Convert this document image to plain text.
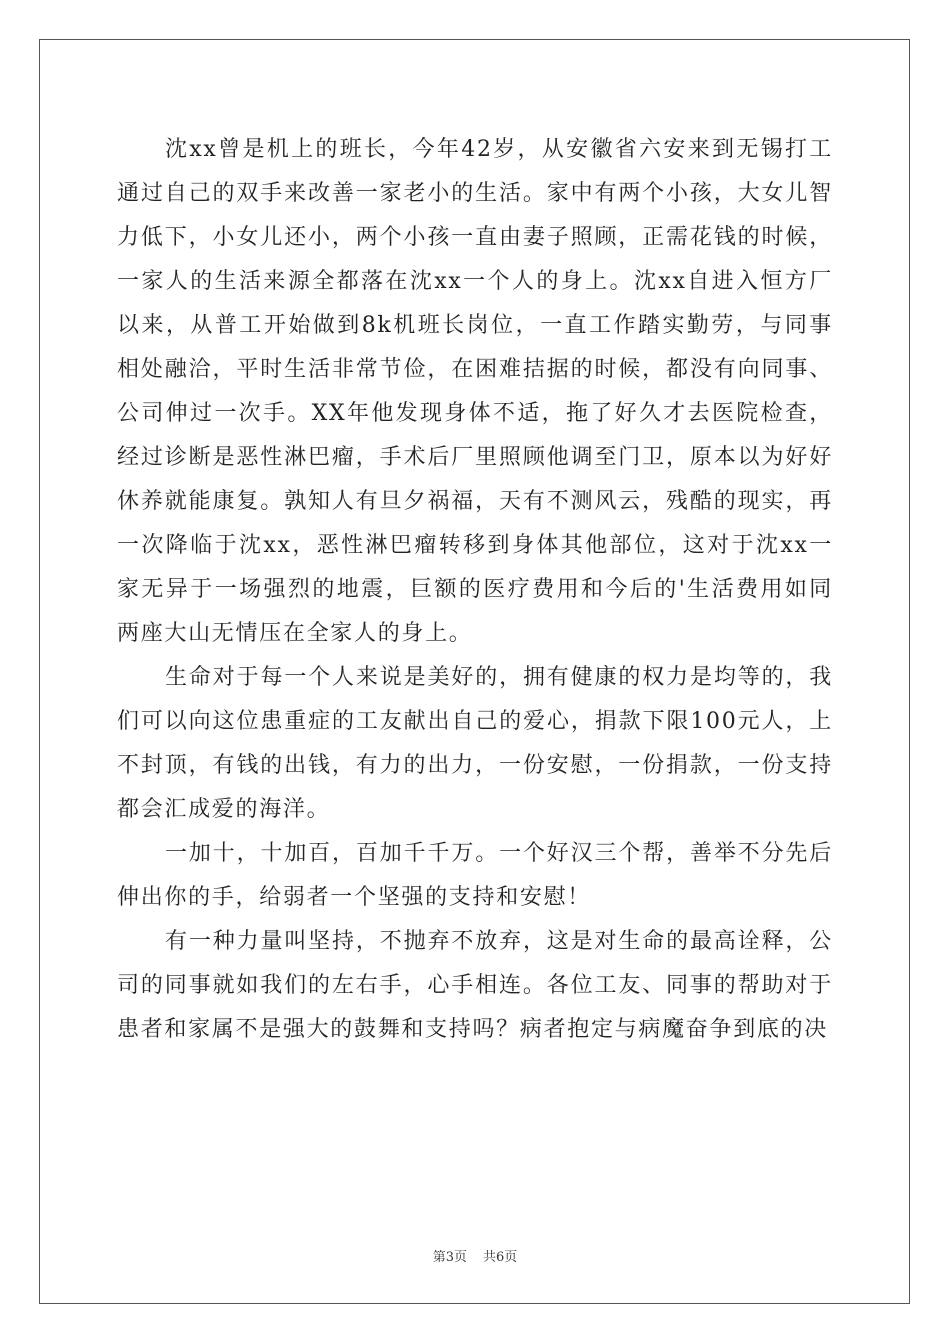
沈xx曾是机上的班长，今年42岁，从安徽省六安来到无锡打工通过自己的双手来改善一家老小的生活。家中有两个小孩，大女儿智力低下，小女儿还小，两个小孩一直由妻子照顾，正需花钱的时候，一家人的生活来源全都落在沈xx一个人的身上。沈xx自进入恒方厂以来，从普工开始做到8k机班长岗位，一直工作踏实勤劳，与同事相处融洽，平时生活非常节俭，在困难拮据的时候，都没有向同事、公司伸过一次手。XX年他发现身体不适，拖了好久才去医院检查，经过诊断是恶性淋巴瘤，手术后厂里照顾他调至门卫，原本以为好好休养就能康复。孰知人有旦夕祸福，天有不测风云，残酷的现实，再一次降临于沈xx，恶性淋巴瘤转移到身体其他部位，这对于沈xx一家无异于一场强烈的地震，巨额的医疗费用和今后的'生活费用如同两座大山无情压在全家人的身上。

生命对于每一个人来说是美好的，拥有健康的权力是均等的，我们可以向这位患重症的工友献出自己的爱心，捐款下限100元人，上不封顶，有钱的出钱，有力的出力，一份安慰，一份捐款，一份支持都会汇成爱的海洋。

一加十，十加百，百加千千万。一个好汉三个帮，善举不分先后伸出你的手，给弱者一个坚强的支持和安慰！

有一种力量叫坚持，不抛弃不放弃，这是对生命的最高诠释，公司的同事就如我们的左右手，心手相连。各位工友、同事的帮助对于患者和家属不是强大的鼓舞和支持吗？病者抱定与病魔奋争到底的决

第3页 共6页
